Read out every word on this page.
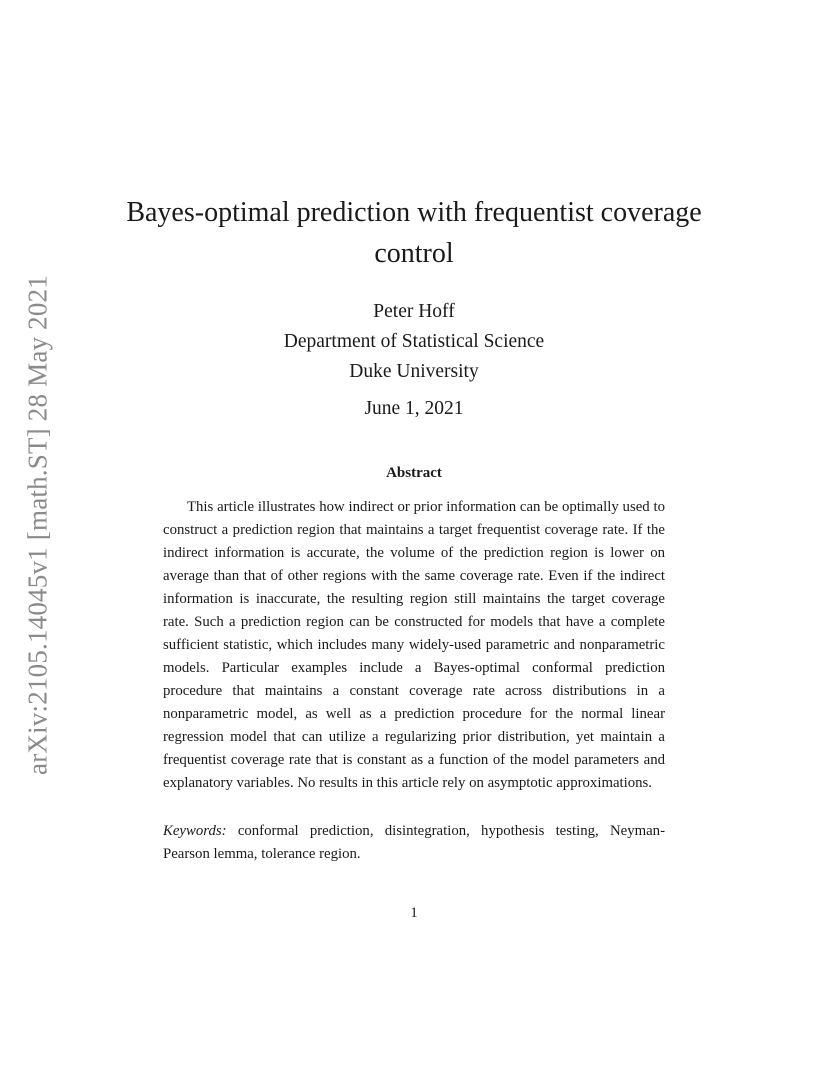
arXiv:2105.14045v1 [math.ST] 28 May 2021
Bayes-optimal prediction with frequentist coverage control
Peter Hoff
Department of Statistical Science
Duke University
June 1, 2021
Abstract

This article illustrates how indirect or prior information can be optimally used to construct a prediction region that maintains a target frequentist coverage rate. If the indirect information is accurate, the volume of the prediction region is lower on average than that of other regions with the same coverage rate. Even if the indirect information is inaccurate, the resulting region still maintains the target coverage rate. Such a prediction region can be constructed for models that have a complete sufficient statistic, which includes many widely-used parametric and nonparametric models. Particular examples include a Bayes-optimal conformal prediction procedure that maintains a constant coverage rate across distributions in a nonparametric model, as well as a prediction procedure for the normal linear regression model that can utilize a regularizing prior distribution, yet maintain a frequentist coverage rate that is constant as a function of the model parameters and explanatory variables. No results in this article rely on asymptotic approximations.

Keywords: conformal prediction, disintegration, hypothesis testing, Neyman-Pearson lemma, tolerance region.

1
